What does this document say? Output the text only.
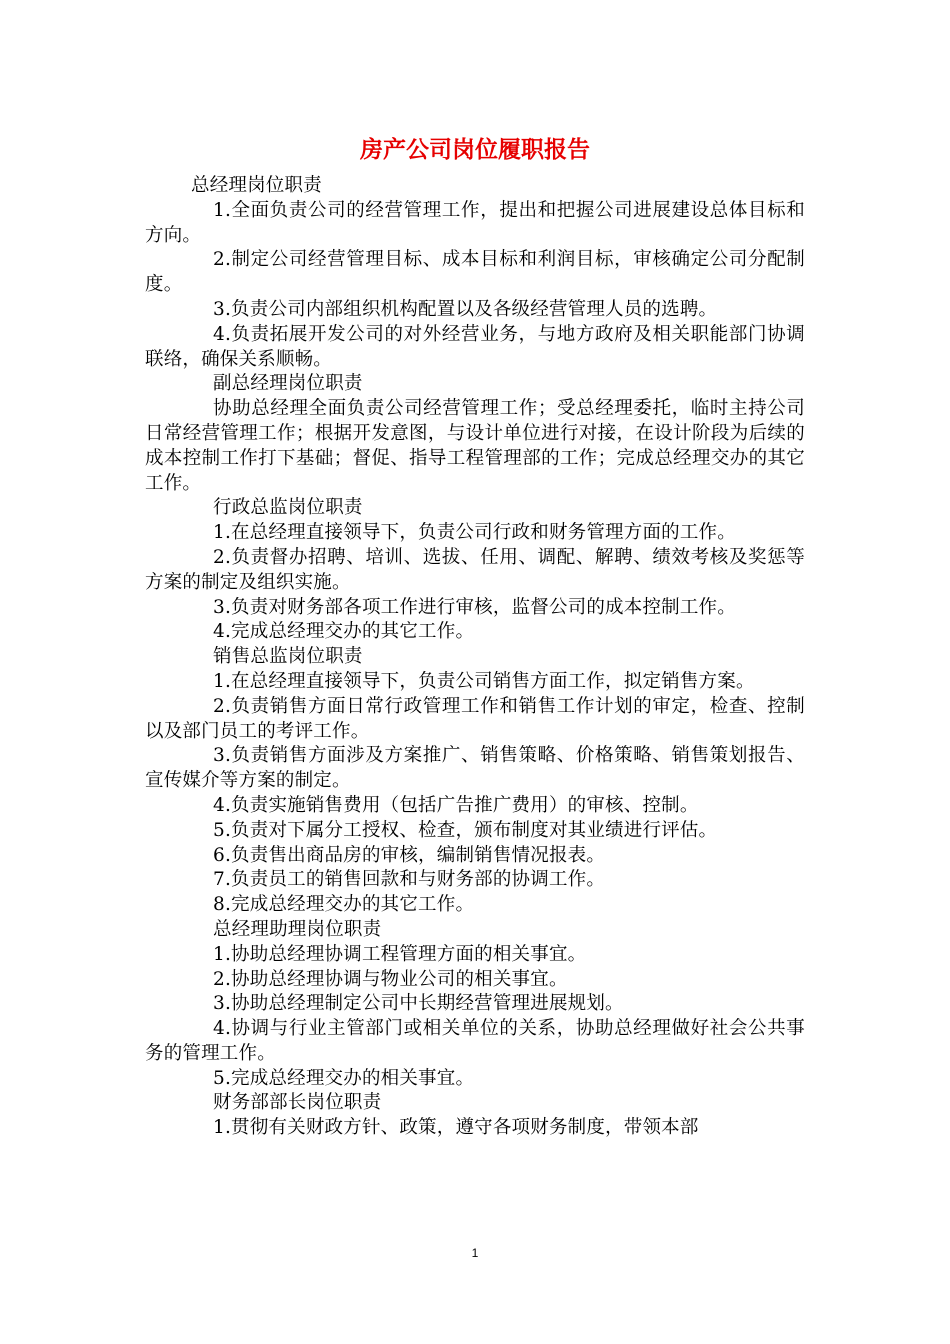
房产公司岗位履职报告

总经理岗位职责

1.全面负责公司的经营管理工作，提出和把握公司进展建设总体目标和方向。

2.制定公司经营管理目标、成本目标和利润目标，审核确定公司分配制度。

3.负责公司内部组织机构配置以及各级经营管理人员的选聘。

4.负责拓展开发公司的对外经营业务，与地方政府及相关职能部门协调联络，确保关系顺畅。

副总经理岗位职责

协助总经理全面负责公司经营管理工作；受总经理委托，临时主持公司日常经营管理工作；根据开发意图，与设计单位进行对接，在设计阶段为后续的成本控制工作打下基础；督促、指导工程管理部的工作；完成总经理交办的其它工作。

行政总监岗位职责

1.在总经理直接领导下，负责公司行政和财务管理方面的工作。

2.负责督办招聘、培训、选拔、任用、调配、解聘、绩效考核及奖惩等方案的制定及组织实施。

3.负责对财务部各项工作进行审核，监督公司的成本控制工作。

4.完成总经理交办的其它工作。

销售总监岗位职责

1.在总经理直接领导下，负责公司销售方面工作，拟定销售方案。

2.负责销售方面日常行政管理工作和销售工作计划的审定，检查、控制以及部门员工的考评工作。

3.负责销售方面涉及方案推广、销售策略、价格策略、销售策划报告、宣传媒介等方案的制定。

4.负责实施销售费用（包括广告推广费用）的审核、控制。

5.负责对下属分工授权、检查，颁布制度对其业绩进行评估。

6.负责售出商品房的审核，编制销售情况报表。

7.负责员工的销售回款和与财务部的协调工作。

8.完成总经理交办的其它工作。

总经理助理岗位职责

1.协助总经理协调工程管理方面的相关事宜。

2.协助总经理协调与物业公司的相关事宜。

3.协助总经理制定公司中长期经营管理进展规划。

4.协调与行业主管部门或相关单位的关系，协助总经理做好社会公共事务的管理工作。

5.完成总经理交办的相关事宜。

财务部部长岗位职责

1.贯彻有关财政方针、政策，遵守各项财务制度，带领本部

1
